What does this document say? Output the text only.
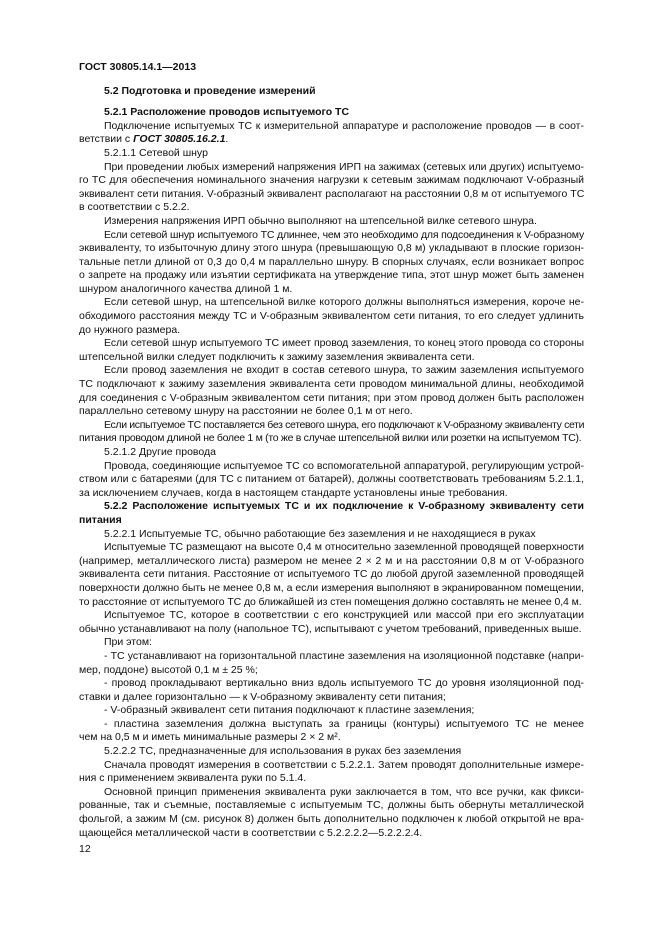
ГОСТ 30805.14.1—2013
5.2 Подготовка и проведение измерений
5.2.1 Расположение проводов испытуемого ТС
Подключение испытуемых ТС к измерительной аппаратуре и расположение проводов — в соот-
ветствии с ГОСТ 30805.16.2.1.
5.2.1.1 Сетевой шнур
При проведении любых измерений напряжения ИРП на зажимах (сетевых или других) испытуемо-
го ТС для обеспечения номинального значения нагрузки к сетевым зажимам подключают V-образный
эквивалент сети питания. V-образный эквивалент располагают на расстоянии 0,8 м от испытуемого ТС
в соответствии с 5.2.2.
Измерения напряжения ИРП обычно выполняют на штепсельной вилке сетевого шнура.
Если сетевой шнур испытуемого ТС длиннее, чем это необходимо для подсоединения к V-образному
эквиваленту, то избыточную длину этого шнура (превышающую 0,8 м) укладывают в плоские горизон-
тальные петли длиной от 0,3 до 0,4 м параллельно шнуру. В спорных случаях, если возникает вопрос
о запрете на продажу или изъятии сертификата на утверждение типа, этот шнур может быть заменен
шнуром аналогичного качества длиной 1 м.
Если сетевой шнур, на штепсельной вилке которого должны выполняться измерения, короче не-
обходимого расстояния между ТС и V-образным эквивалентом сети питания, то его следует удлинить
до нужного размера.
Если сетевой шнур испытуемого ТС имеет провод заземления, то конец этого провода со стороны
штепсельной вилки следует подключить к зажиму заземления эквивалента сети.
Если провод заземления не входит в состав сетевого шнура, то зажим заземления испытуемого
ТС подключают к зажиму заземления эквивалента сети проводом минимальной длины, необходимой
для соединения с V-образным эквивалентом сети питания; при этом провод должен быть расположен
параллельно сетевому шнуру на расстоянии не более 0,1 м от него.
Если испытуемое ТС поставляется без сетевого шнура, его подключают к V-образному эквиваленту сети
питания проводом длиной не более 1 м (то же в случае штепсельной вилки или розетки на испытуемом ТС).
5.2.1.2 Другие провода
Провода, соединяющие испытуемое ТС со вспомогательной аппаратурой, регулирующим устрой-
ством или с батареями (для ТС с питанием от батарей), должны соответствовать требованиям 5.2.1.1,
за исключением случаев, когда в настоящем стандарте установлены иные требования.
5.2.2 Расположение испытуемых ТС и их подключение к V-образному эквиваленту сети
питания
5.2.2.1 Испытуемые ТС, обычно работающие без заземления и не находящиеся в руках
Испытуемые ТС размещают на высоте 0,4 м относительно заземленной проводящей поверхности
(например, металлического листа) размером не менее 2 × 2 м и на расстоянии 0,8 м от V-образного
эквивалента сети питания. Расстояние от испытуемого ТС до любой другой заземленной проводящей
поверхности должно быть не менее 0,8 м, а если измерения выполняют в экранированном помещении,
то расстояние от испытуемого ТС до ближайшей из стен помещения должно составлять не менее 0,4 м.
Испытуемое ТС, которое в соответствии с его конструкцией или массой при его эксплуатации
обычно устанавливают на полу (напольное ТС), испытывают с учетом требований, приведенных выше.
При этом:
- ТС устанавливают на горизонтальной пластине заземления на изоляционной подставке (напри-
мер, поддоне) высотой 0,1 м ± 25 %;
- провод прокладывают вертикально вниз вдоль испытуемого ТС до уровня изоляционной под-
ставки и далее горизонтально — к V-образному эквиваленту сети питания;
- V-образный эквивалент сети питания подключают к пластине заземления;
- пластина заземления должна выступать за границы (контуры) испытуемого ТС не менее
чем на 0,5 м и иметь минимальные размеры 2 × 2 м².
5.2.2.2 ТС, предназначенные для использования в руках без заземления
Сначала проводят измерения в соответствии с 5.2.2.1. Затем проводят дополнительные измере-
ния с применением эквивалента руки по 5.1.4.
Основной принцип применения эквивалента руки заключается в том, что все ручки, как фикси-
рованные, так и съемные, поставляемые с испытуемым ТС, должны быть обернуты металлической
фольгой, а зажим М (см. рисунок 8) должен быть дополнительно подключен к любой открытой не вра-
щающейся металлической части в соответствии с 5.2.2.2.2—5.2.2.2.4.
12
